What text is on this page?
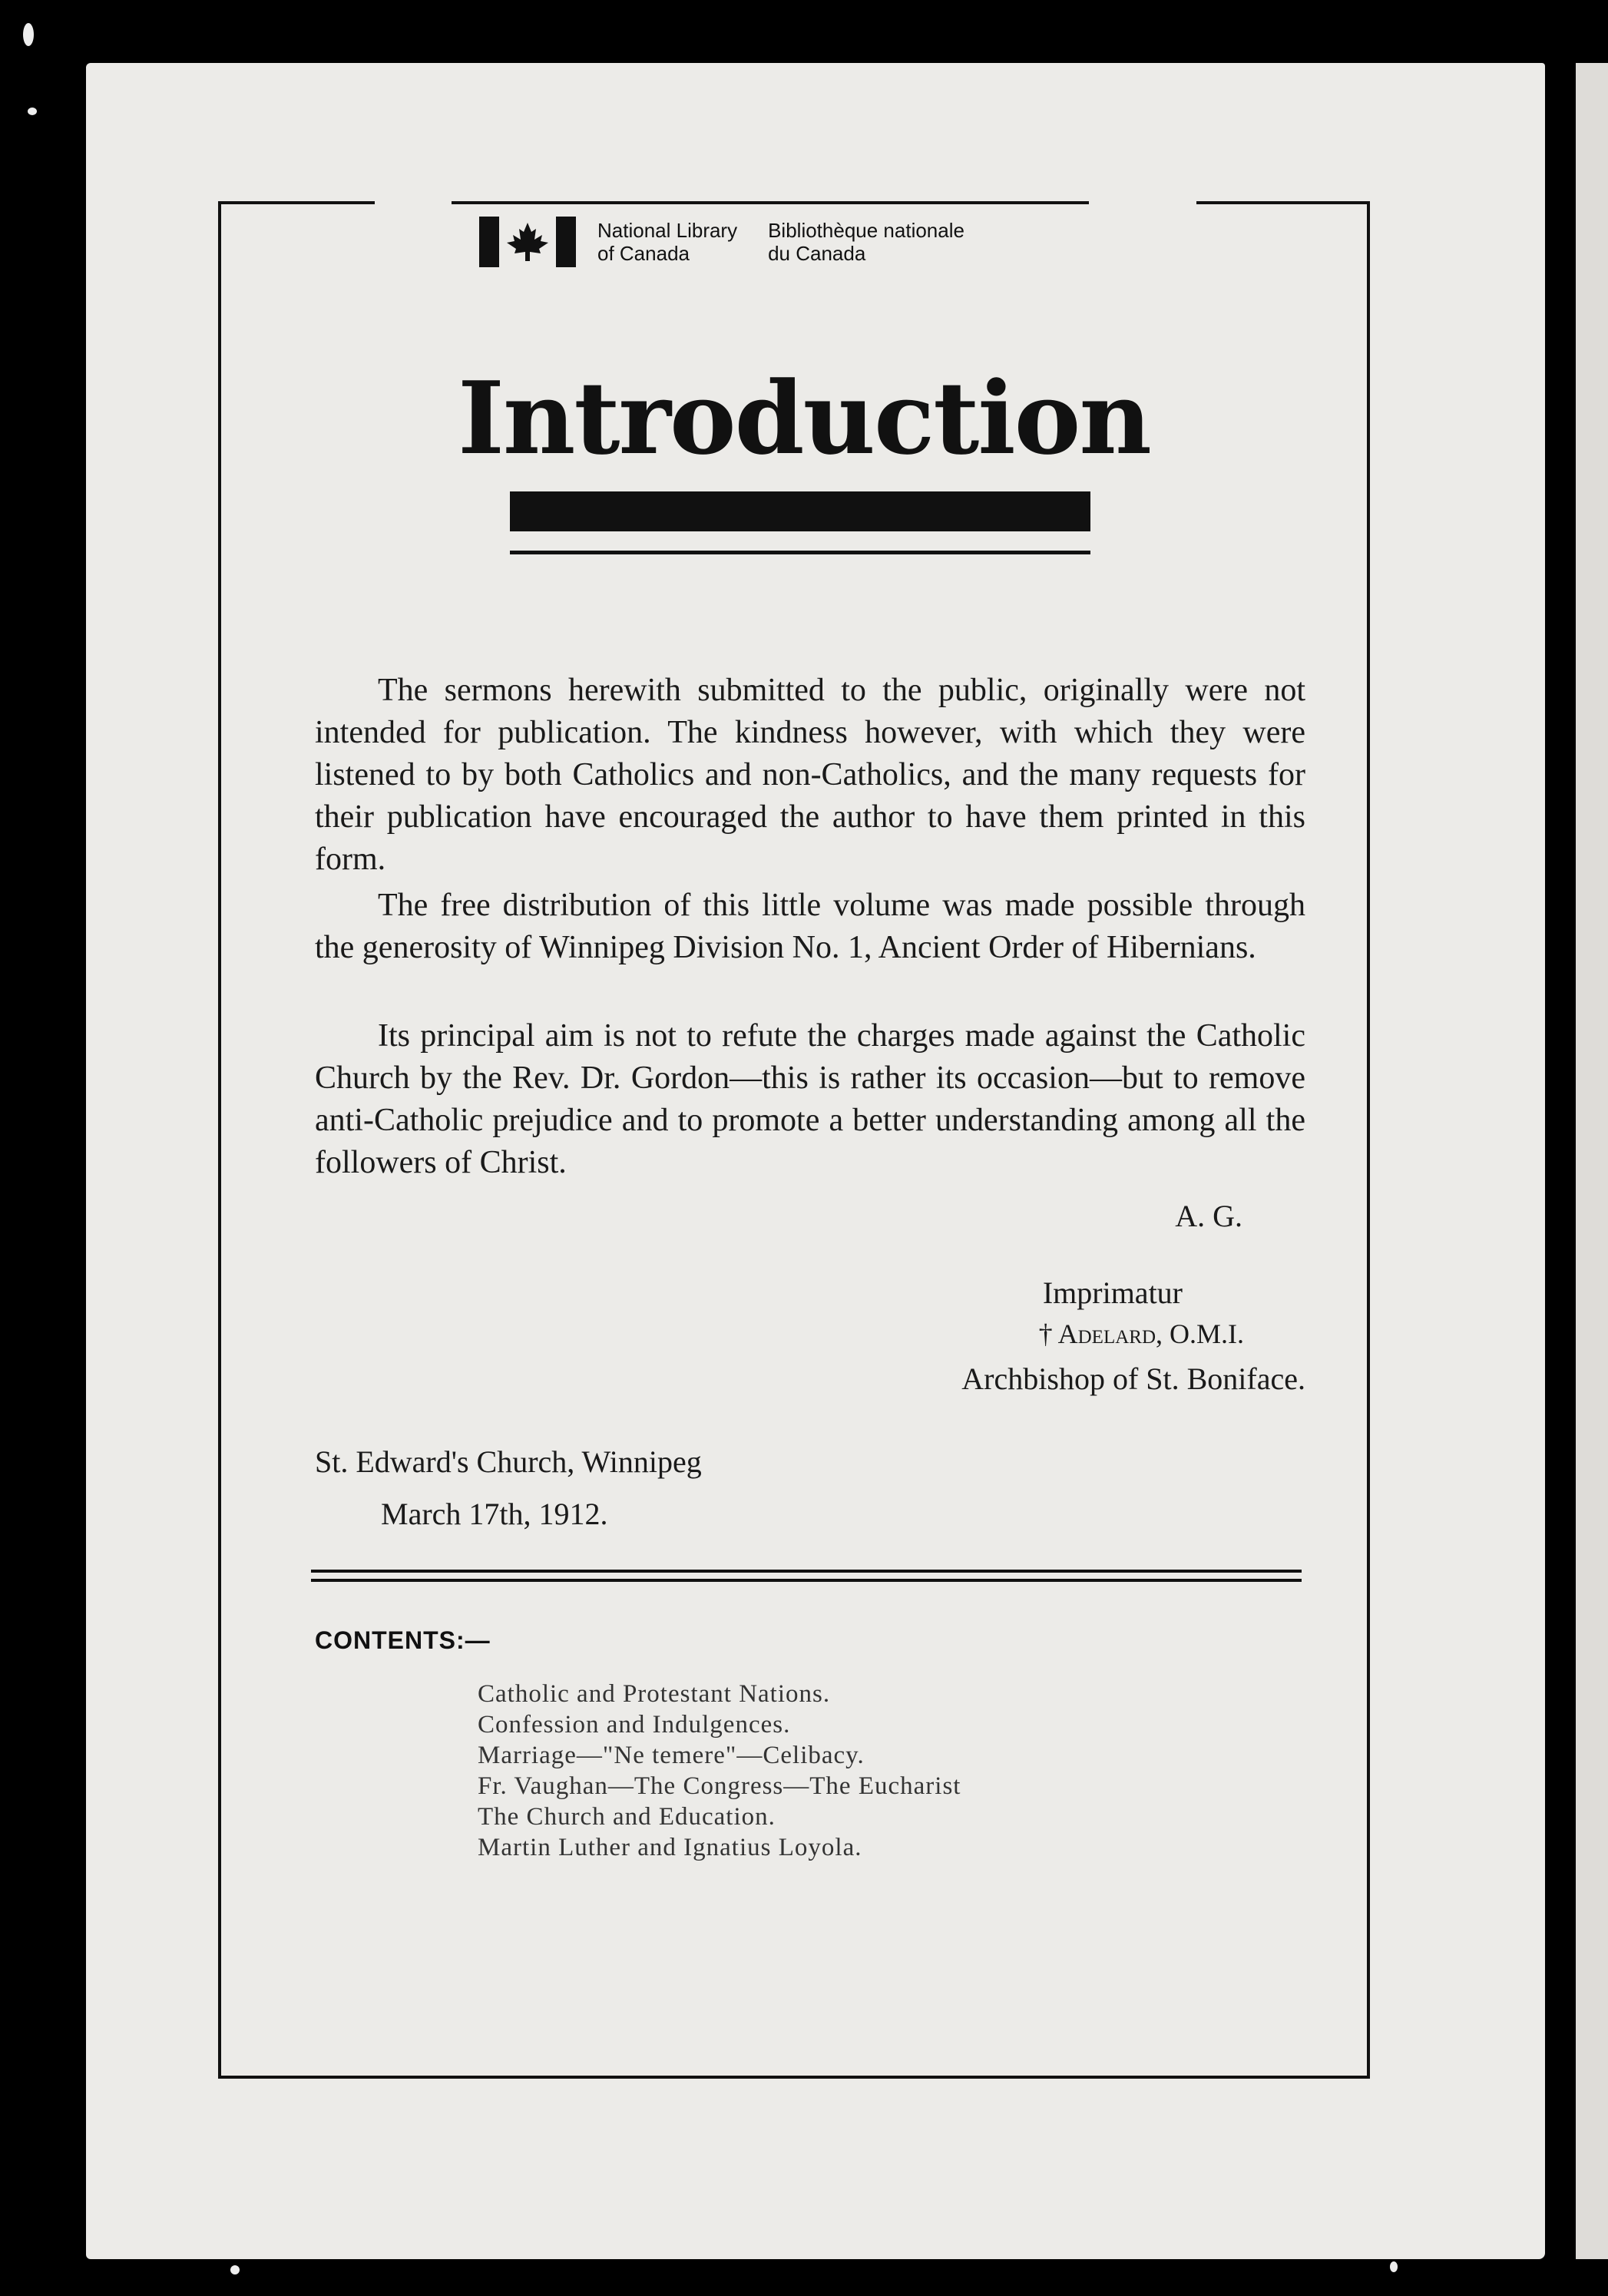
National Library
of Canada
Bibliothèque nationale
du Canada
Introduction

The sermons herewith submitted to the public, originally were not intended for publication. The kindness however, with which they were listened to by both Catholics and non-Catholics, and the many requests for their publication have encouraged the author to have them printed in this form.

The free distribution of this little volume was made possible through the generosity of Winnipeg Division No. 1, Ancient Order of Hibernians.

Its principal aim is not to refute the charges made against the Catholic Church by the Rev. Dr. Gordon—this is rather its occasion—but to remove anti-Catholic prejudice and to promote a better understanding among all the followers of Christ.

A. G.
Imprimatur
† Adelard, O.M.I.
Archbishop of St. Boniface.
St. Edward's Church, Winnipeg
March 17th, 1912.
CONTENTS:—
Catholic and Protestant Nations.
Confession and Indulgences.
Marriage—"Ne temere"—Celibacy.
Fr. Vaughan—The Congress—The Eucharist
The Church and Education.
Martin Luther and Ignatius Loyola.
